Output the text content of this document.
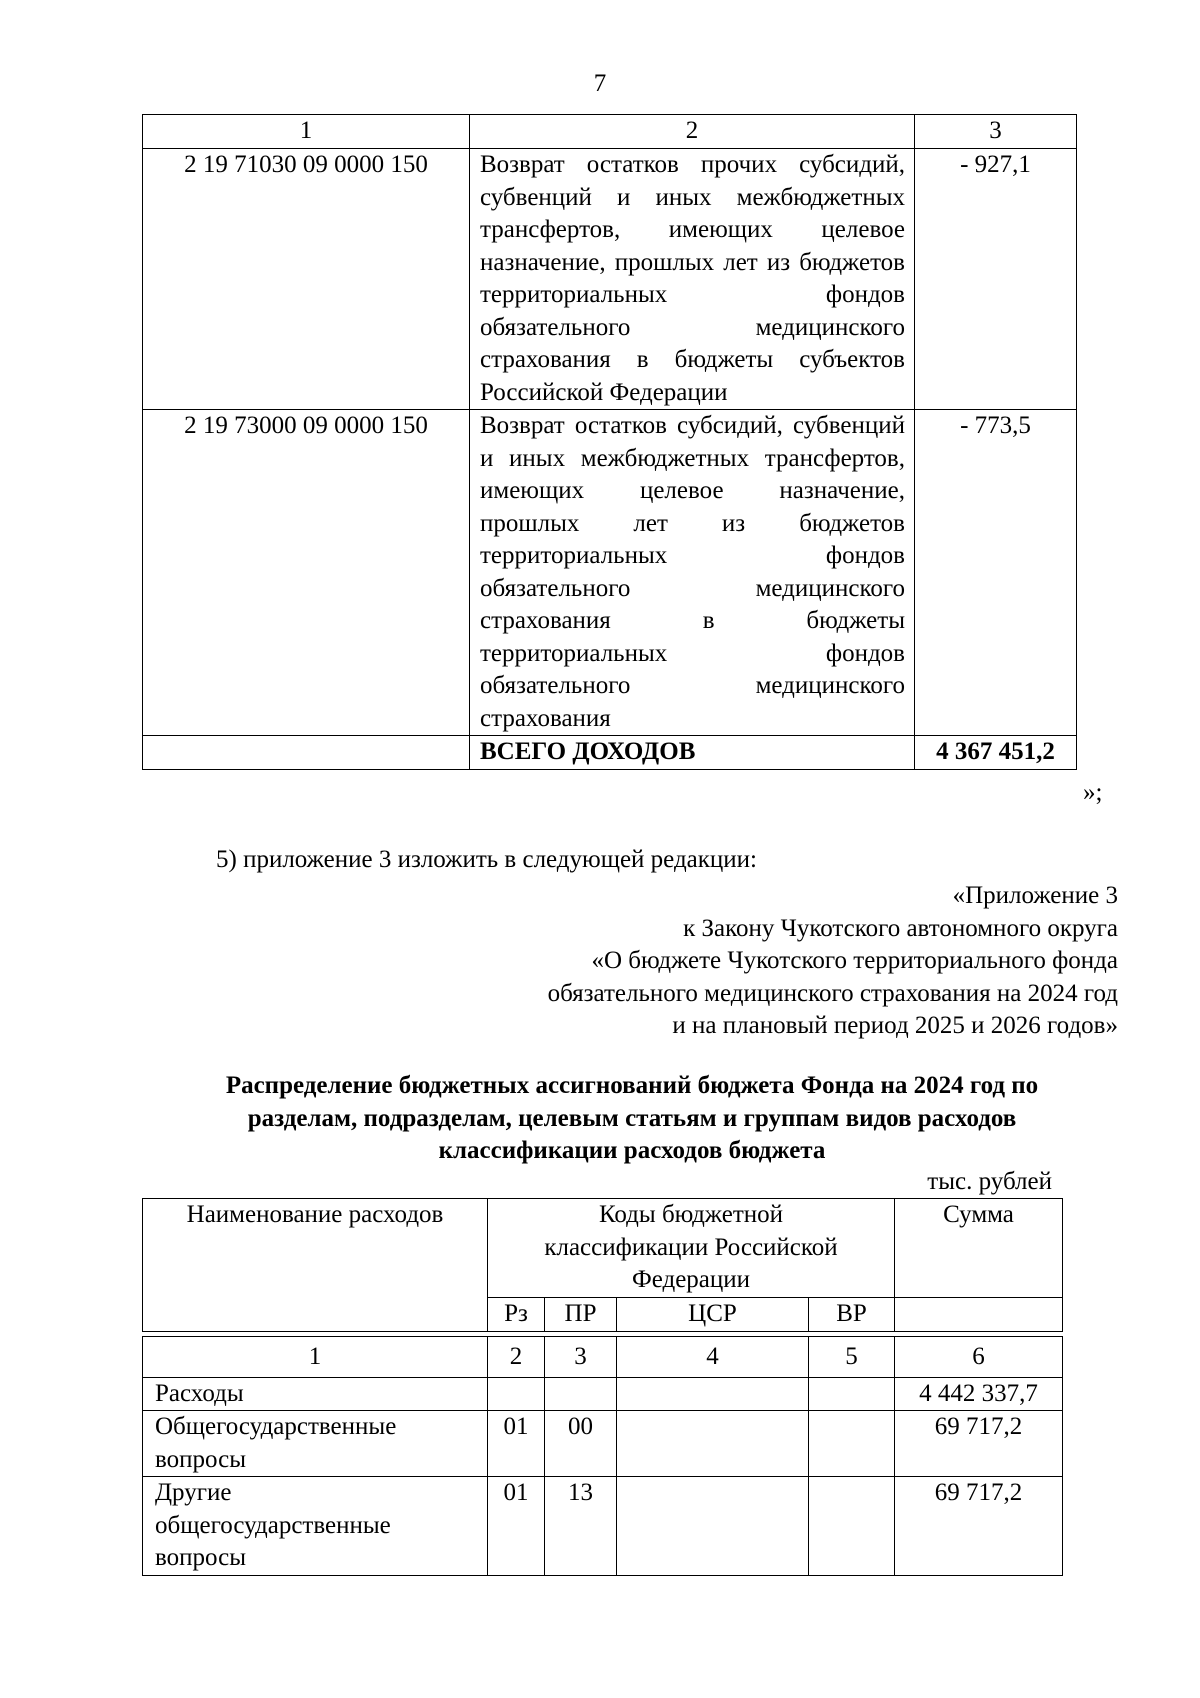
7
1	2	3
2 19 71030 09 0000 150	Возврат остатков прочих субсидий, субвенций и иных межбюджетных трансфертов, имеющих целевое назначение, прошлых лет из бюджетов территориальных фондов обязательного медицинского страхования в бюджеты субъектов Российской Федерации	- 927,1
2 19 73000 09 0000 150	Возврат остатков субсидий, субвенций и иных межбюджетных трансфертов, имеющих целевое назначение, прошлых лет из бюджетов территориальных фондов обязательного медицинского страхования в бюджеты территориальных фондов обязательного медицинского страхования	- 773,5
	ВСЕГО ДОХОДОВ	4 367 451,2
»;
5) приложение 3 изложить в следующей редакции:
«Приложение 3
к Закону Чукотского автономного округа
«О бюджете Чукотского территориального фонда
обязательного медицинского страхования на 2024 год
и на плановый период 2025 и 2026 годов»
Распределение бюджетных ассигнований бюджета Фонда на 2024 год по
разделам, подразделам, целевым статьям и группам видов расходов
классификации расходов бюджета
тыс. рублей
Наименование расходов	Коды бюджетной классификации Российской Федерации				Сумма
	Рз	ПР	ЦСР	ВР	

1	2	3	4	5	6
Расходы					4 442 337,7
Общегосударственные вопросы	01	00			69 717,2
Другие общегосударственные вопросы	01	13			69 717,2
